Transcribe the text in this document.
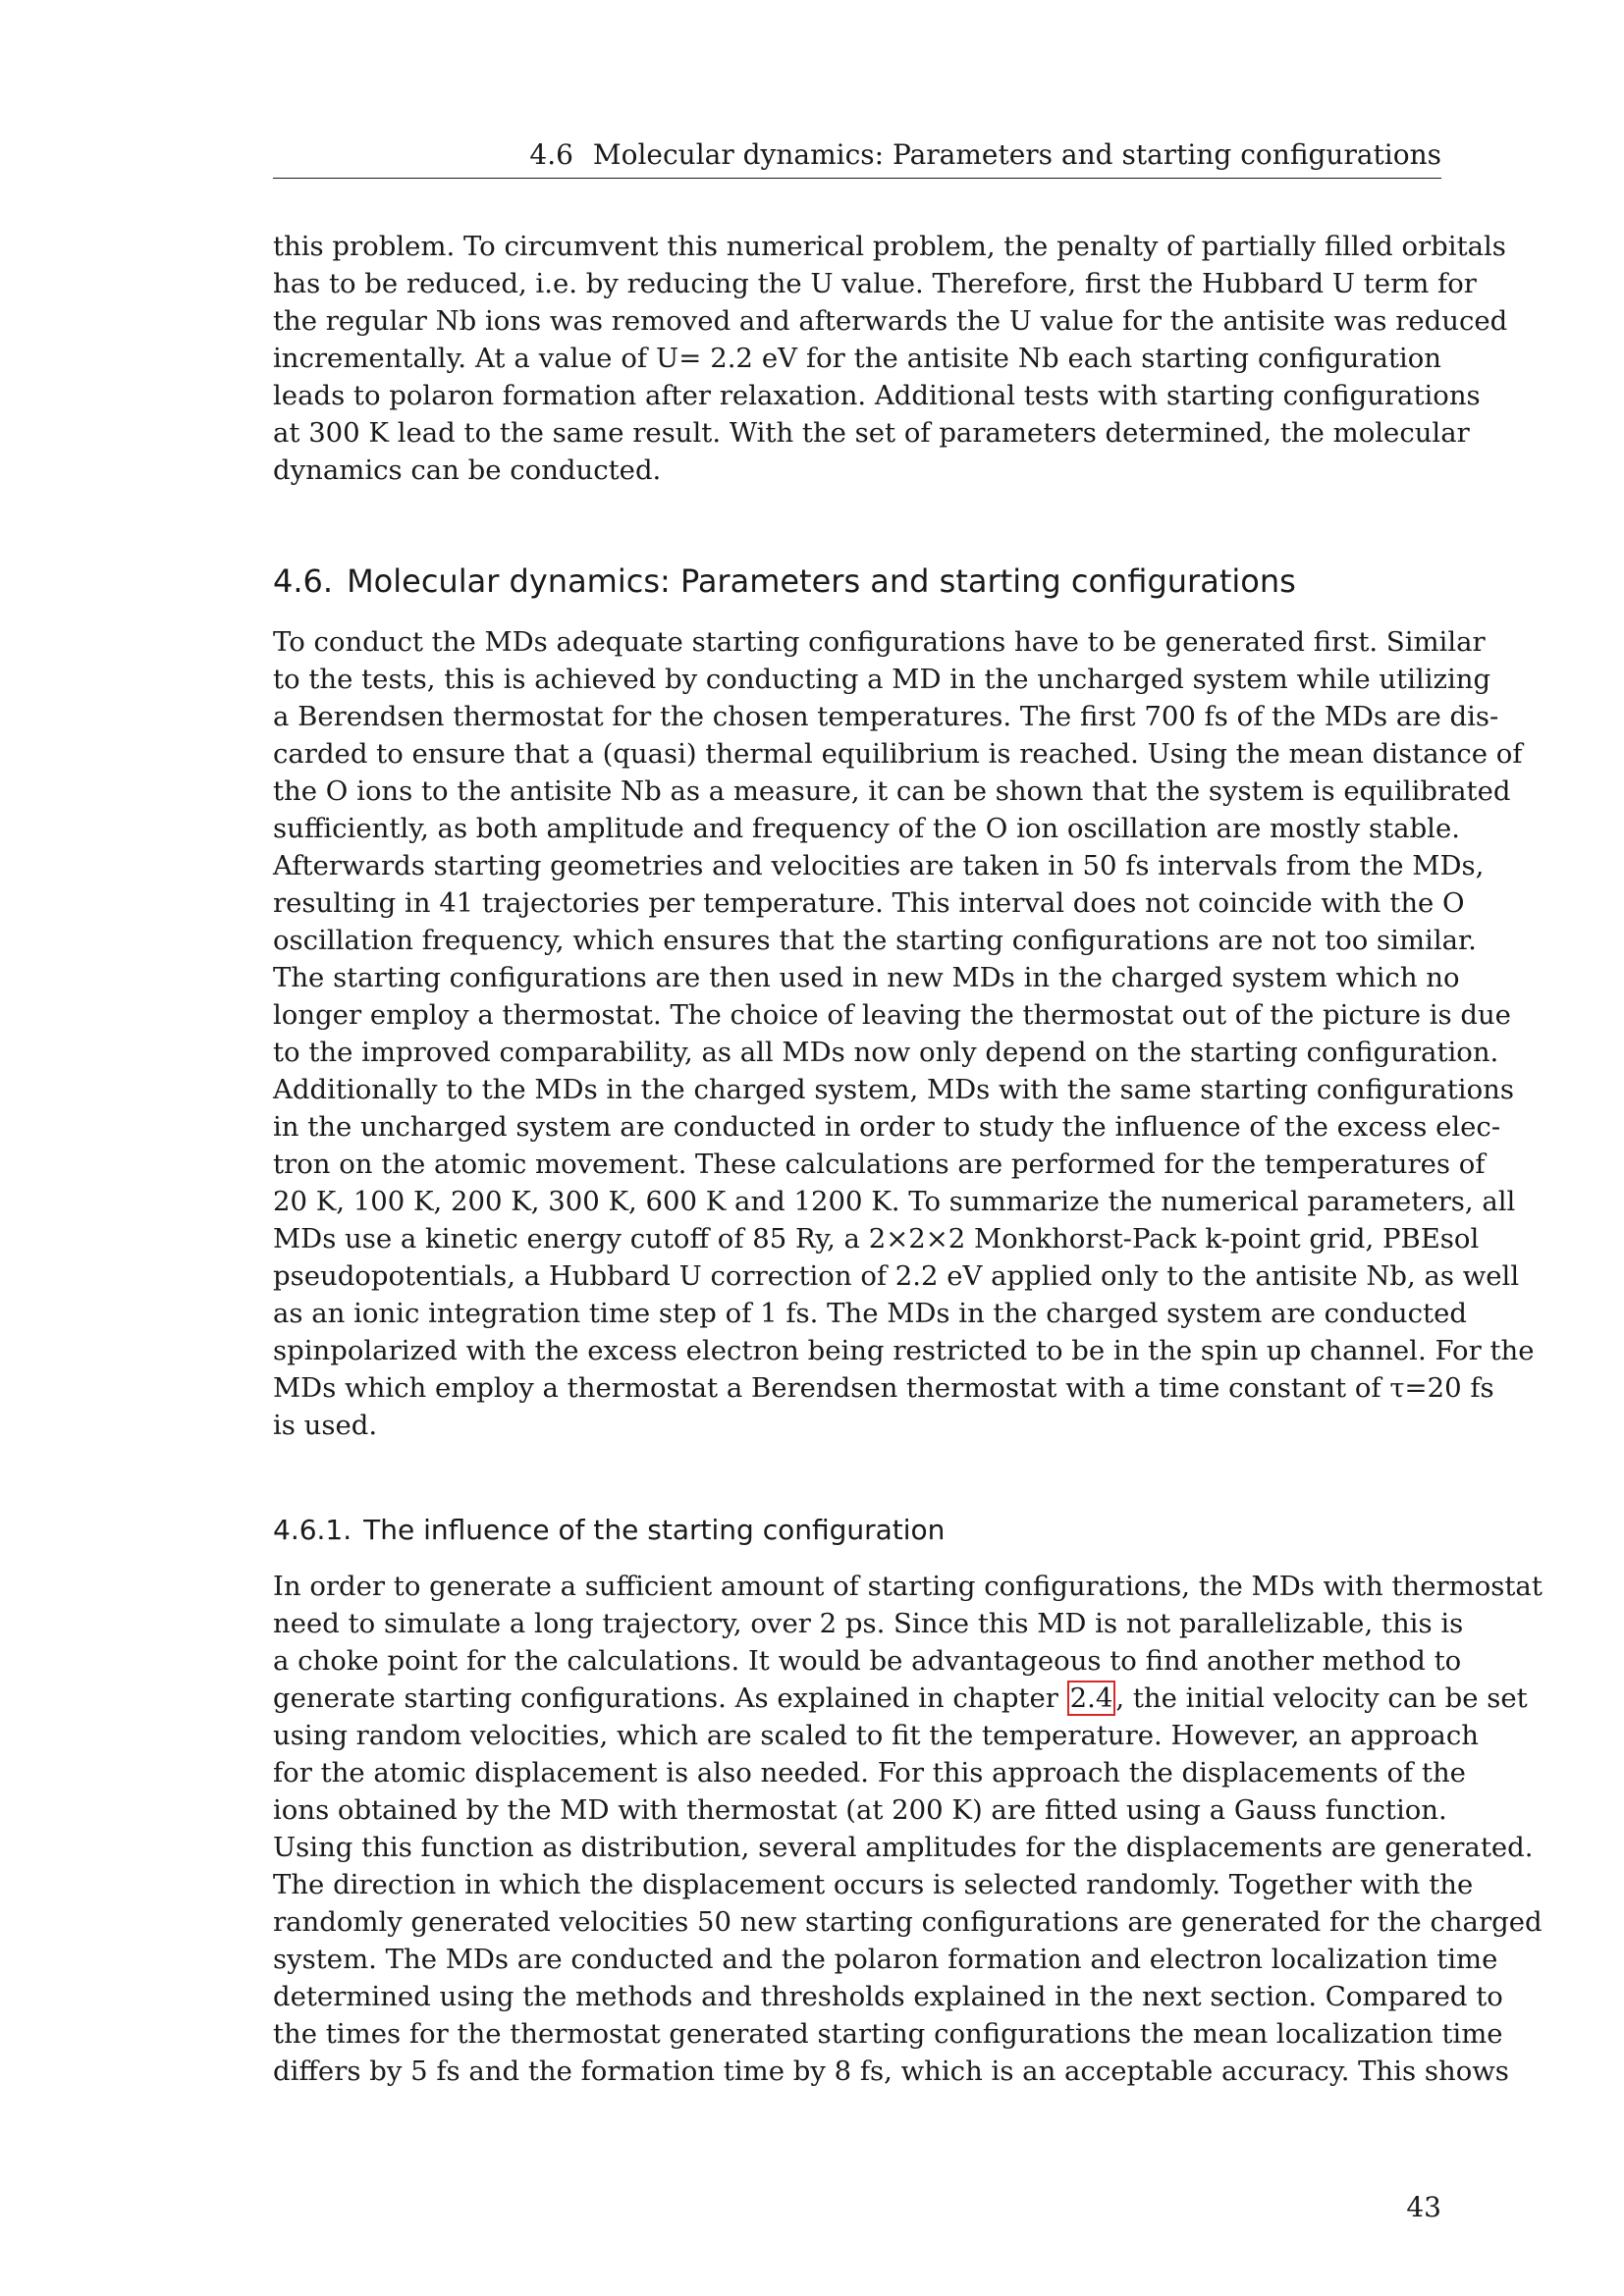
4.6 Molecular dynamics: Parameters and starting configurations
this problem. To circumvent this numerical problem, the penalty of partially filled orbitals
has to be reduced, i.e. by reducing the U value. Therefore, first the Hubbard U term for
the regular Nb ions was removed and afterwards the U value for the antisite was reduced
incrementally. At a value of U= 2.2 eV for the antisite Nb each starting configuration
leads to polaron formation after relaxation. Additional tests with starting configurations
at 300 K lead to the same result. With the set of parameters determined, the molecular
dynamics can be conducted.
4.6. Molecular dynamics: Parameters and starting configurations
To conduct the MDs adequate starting configurations have to be generated first. Similar
to the tests, this is achieved by conducting a MD in the uncharged system while utilizing
a Berendsen thermostat for the chosen temperatures. The first 700 fs of the MDs are dis-
carded to ensure that a (quasi) thermal equilibrium is reached. Using the mean distance of
the O ions to the antisite Nb as a measure, it can be shown that the system is equilibrated
sufficiently, as both amplitude and frequency of the O ion oscillation are mostly stable.
Afterwards starting geometries and velocities are taken in 50 fs intervals from the MDs,
resulting in 41 trajectories per temperature. This interval does not coincide with the O
oscillation frequency, which ensures that the starting configurations are not too similar.
The starting configurations are then used in new MDs in the charged system which no
longer employ a thermostat. The choice of leaving the thermostat out of the picture is due
to the improved comparability, as all MDs now only depend on the starting configuration.
Additionally to the MDs in the charged system, MDs with the same starting configurations
in the uncharged system are conducted in order to study the influence of the excess elec-
tron on the atomic movement. These calculations are performed for the temperatures of
20 K, 100 K, 200 K, 300 K, 600 K and 1200 K. To summarize the numerical parameters, all
MDs use a kinetic energy cutoff of 85 Ry, a 2×2×2 Monkhorst-Pack k-point grid, PBEsol
pseudopotentials, a Hubbard U correction of 2.2 eV applied only to the antisite Nb, as well
as an ionic integration time step of 1 fs. The MDs in the charged system are conducted
spinpolarized with the excess electron being restricted to be in the spin up channel. For the
MDs which employ a thermostat a Berendsen thermostat with a time constant of τ=20 fs
is used.
4.6.1. The influence of the starting configuration
In order to generate a sufficient amount of starting configurations, the MDs with thermostat
need to simulate a long trajectory, over 2 ps. Since this MD is not parallelizable, this is
a choke point for the calculations. It would be advantageous to find another method to
generate starting configurations. As explained in chapter 2.4 , the initial velocity can be set
using random velocities, which are scaled to fit the temperature. However, an approach
for the atomic displacement is also needed. For this approach the displacements of the
ions obtained by the MD with thermostat (at 200 K) are fitted using a Gauss function.
Using this function as distribution, several amplitudes for the displacements are generated.
The direction in which the displacement occurs is selected randomly. Together with the
randomly generated velocities 50 new starting configurations are generated for the charged
system. The MDs are conducted and the polaron formation and electron localization time
determined using the methods and thresholds explained in the next section. Compared to
the times for the thermostat generated starting configurations the mean localization time
differs by 5 fs and the formation time by 8 fs, which is an acceptable accuracy. This shows
43
